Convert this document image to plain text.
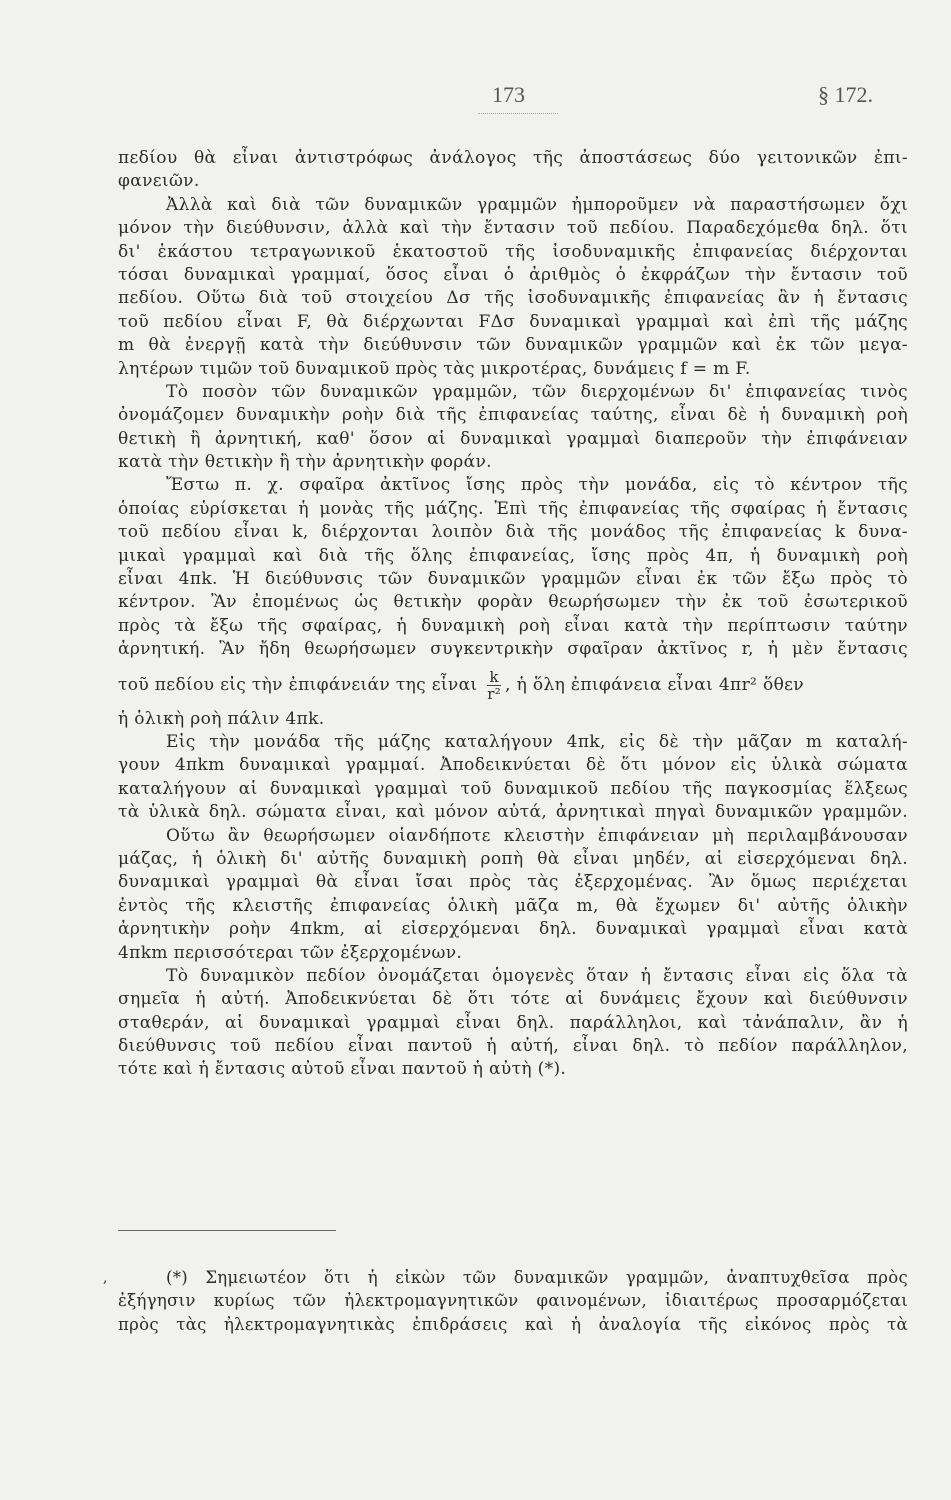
173	§ 172.
πεδίου θὰ εἶναι ἀντιστρόφως ἀνάλογος τῆς ἀποστάσεως δύο γειτονικῶν ἐπι-
φανειῶν.
Ἀλλὰ καὶ διὰ τῶν δυναμικῶν γραμμῶν ἠμποροῦμεν νὰ παραστήσωμεν ὄχι
μόνον τὴν διεύθυνσιν, ἀλλὰ καὶ τὴν ἔντασιν τοῦ πεδίου. Παραδεχόμεθα δηλ. ὅτι
δι' ἑκάστου τετραγωνικοῦ ἑκατοστοῦ τῆς ἰσοδυναμικῆς ἐπιφανείας διέρχονται
τόσαι δυναμικαὶ γραμμαί, ὅσος εἶναι ὁ ἀριθμὸς ὁ ἐκφράζων τὴν ἔντασιν τοῦ
πεδίου. Οὕτω διὰ τοῦ στοιχείου Δσ τῆς ἰσοδυναμικῆς ἐπιφανείας ἂν ἡ ἔντασις
τοῦ πεδίου εἶναι F, θὰ διέρχωνται FΔσ δυναμικαὶ γραμμαὶ καὶ ἐπὶ τῆς μάζης
m θὰ ἐνεργῇ κατὰ τὴν διεύθυνσιν τῶν δυναμικῶν γραμμῶν καὶ ἐκ τῶν μεγα-
λητέρων τιμῶν τοῦ δυναμικοῦ πρὸς τὰς μικροτέρας, δυνάμεις f = m F.
Τὸ ποσὸν τῶν δυναμικῶν γραμμῶν, τῶν διερχομένων δι' ἐπιφανείας τινὸς
ὀνομάζομεν δυναμικὴν ροὴν διὰ τῆς ἐπιφανείας ταύτης, εἶναι δὲ ἡ δυναμικὴ ροὴ
θετικὴ ἢ ἀρνητική, καθ' ὅσον αἱ δυναμικαὶ γραμμαὶ διαπεροῦν τὴν ἐπιφάνειαν
κατὰ τὴν θετικὴν ἢ τὴν ἀρνητικὴν φοράν.
Ἔστω π. χ. σφαῖρα ἀκτῖνος ἴσης πρὸς τὴν μονάδα, εἰς τὸ κέντρον τῆς
ὁποίας εὑρίσκεται ἡ μονὰς τῆς μάζης. Ἐπὶ τῆς ἐπιφανείας τῆς σφαίρας ἡ ἔντασις
τοῦ πεδίου εἶναι k, διέρχονται λοιπὸν διὰ τῆς μονάδος τῆς ἐπιφανείας k δυνα-
μικαὶ γραμμαὶ καὶ διὰ τῆς ὅλης ἐπιφανείας, ἴσης πρὸς 4π, ἡ δυναμικὴ ροὴ
εἶναι 4πk. Ἡ διεύθυνσις τῶν δυναμικῶν γραμμῶν εἶναι ἐκ τῶν ἔξω πρὸς τὸ
κέντρον. Ἂν ἐπομένως ὡς θετικὴν φορὰν θεωρήσωμεν τὴν ἐκ τοῦ ἐσωτερικοῦ
πρὸς τὰ ἔξω τῆς σφαίρας, ἡ δυναμικὴ ροὴ εἶναι κατὰ τὴν περίπτωσιν ταύτην
ἀρνητική. Ἂν ἤδη θεωρήσωμεν συγκεντρικὴν σφαῖραν ἀκτῖνος r, ἡ μὲν ἔντασις
τοῦ πεδίου εἰς τὴν ἐπιφάνειάν της εἶναι $\frac{k}{\text{r²}}$ , ἡ ὅλη ἐπιφάνεια εἶναι 4πr² ὅθεν
ἡ ὁλικὴ ροὴ πάλιν 4πk.
Εἰς τὴν μονάδα τῆς μάζης καταλήγουν 4πk, εἰς δὲ τὴν μᾶζαν m καταλή-
γουν 4πkm δυναμικαὶ γραμμαί. Ἀποδεικνύεται δὲ ὅτι μόνον εἰς ὑλικὰ σώματα
καταλήγουν αἱ δυναμικαὶ γραμμαὶ τοῦ δυναμικοῦ πεδίου τῆς παγκοσμίας ἕλξεως
τὰ ὑλικὰ δηλ. σώματα εἶναι, καὶ μόνον αὐτά, ἀρνητικαὶ πηγαὶ δυναμικῶν γραμμῶν.
Οὕτω ἂν θεωρήσωμεν οἱανδήποτε κλειστὴν ἐπιφάνειαν μὴ περιλαμβάνουσαν
μάζας, ἡ ὁλικὴ δι' αὐτῆς δυναμικὴ ροπὴ θὰ εἶναι μηδέν, αἱ εἰσερχόμεναι δηλ.
δυναμικαὶ γραμμαὶ θὰ εἶναι ἴσαι πρὸς τὰς ἐξερχομένας. Ἂν ὅμως περιέχεται
ἐντὸς τῆς κλειστῆς ἐπιφανείας ὁλικὴ μᾶζα m, θὰ ἔχωμεν δι' αὐτῆς ὁλικὴν
ἀρνητικὴν ροὴν 4πkm, αἱ εἰσερχόμεναι δηλ. δυναμικαὶ γραμμαὶ εἶναι κατὰ
4πkm περισσότεραι τῶν ἐξερχομένων.
Τὸ δυναμικὸν πεδίον ὀνομάζεται ὁμογενὲς ὅταν ἡ ἔντασις εἶναι εἰς ὅλα τὰ
σημεῖα ἡ αὐτή. Ἀποδεικνύεται δὲ ὅτι τότε αἱ δυνάμεις ἔχουν καὶ διεύθυνσιν
σταθεράν, αἱ δυναμικαὶ γραμμαὶ εἶναι δηλ. παράλληλοι, καὶ τἀνάπαλιν, ἂν ἡ
διεύθυνσις τοῦ πεδίου εἶναι παντοῦ ἡ αὐτή, εἶναι δηλ. τὸ πεδίον παράλληλον,
τότε καὶ ἡ ἔντασις αὐτοῦ εἶναι παντοῦ ἡ αὐτὴ (*).
,	(*) Σημειωτέον ὅτι ἡ εἰκὼν τῶν δυναμικῶν γραμμῶν, ἀναπτυχθεῖσα πρὸς
ἐξήγησιν κυρίως τῶν ἠλεκτρομαγνητικῶν φαινομένων, ἰδιαιτέρως προσαρμόζεται
πρὸς τὰς ἠλεκτρομαγνητικὰς ἐπιδράσεις καὶ ἡ ἀναλογία τῆς εἰκόνος πρὸς τὰ
